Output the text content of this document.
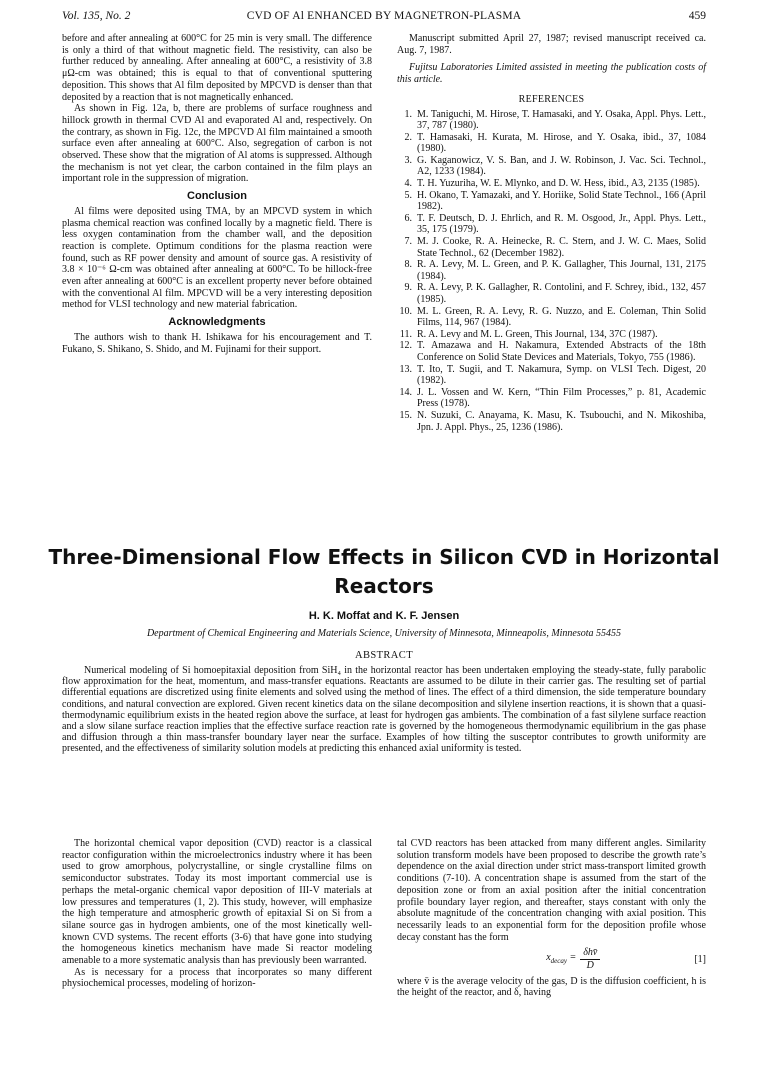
Vol. 135, No. 2	CVD OF Al ENHANCED BY MAGNETRON-PLASMA	459

before and after annealing at 600°C for 25 min is very small. The difference is only a third of that without magnetic field. The resistivity, can also be further reduced by annealing. After annealing at 600°C, a resistivity of 3.8 μΩ-cm was obtained; this is equal to that of conventional sputtering deposition. This shows that Al film deposited by MPCVD is denser than that deposited by a reaction that is not magnetically enhanced.

As shown in Fig. 12a, b, there are problems of surface roughness and hillock growth in thermal CVD Al and evaporated Al and, respectively. On the contrary, as shown in Fig. 12c, the MPCVD Al film maintained a smooth surface even after annealing at 600°C. Also, segregation of carbon is not observed. These show that the migration of Al atoms is suppressed. Although the mechanism is not yet clear, the carbon contained in the film plays an important role in the suppression of migration.

Conclusion

Al films were deposited using TMA, by an MPCVD system in which plasma chemical reaction was confined locally by a magnetic field. There is less oxygen contamination from the chamber wall, and the deposition reaction is complete. Optimum conditions for the plasma reaction were found, such as RF power density and amount of source gas. A resistivity of 3.8 × 10⁻⁶ Ω-cm was obtained after annealing at 600°C. To be hillock-free even after annealing at 600°C is an excellent property never before obtained with the conventional Al film. MPCVD will be a very interesting deposition method for VLSI technology and new material fabrication.

Acknowledgments

The authors wish to thank H. Ishikawa for his encouragement and T. Fukano, S. Shikano, S. Shido, and M. Fujinami for their support.

Manuscript submitted April 27, 1987; revised manuscript received ca. Aug. 7, 1987.

Fujitsu Laboratories Limited assisted in meeting the publication costs of this article.

REFERENCES
1. M. Taniguchi, M. Hirose, T. Hamasaki, and Y. Osaka, Appl. Phys. Lett., 37, 787 (1980).
2. T. Hamasaki, H. Kurata, M. Hirose, and Y. Osaka, ibid., 37, 1084 (1980).
3. G. Kaganowicz, V. S. Ban, and J. W. Robinson, J. Vac. Sci. Technol., A2, 1233 (1984).
4. T. H. Yuzuriha, W. E. Mlynko, and D. W. Hess, ibid., A3, 2135 (1985).
5. H. Okano, T. Yamazaki, and Y. Horiike, Solid State Technol., 166 (April 1982).
6. T. F. Deutsch, D. J. Ehrlich, and R. M. Osgood, Jr., Appl. Phys. Lett., 35, 175 (1979).
7. M. J. Cooke, R. A. Heinecke, R. C. Stern, and J. W. C. Maes, Solid State Technol., 62 (December 1982).
8. R. A. Levy, M. L. Green, and P. K. Gallagher, This Journal, 131, 2175 (1984).
9. R. A. Levy, P. K. Gallagher, R. Contolini, and F. Schrey, ibid., 132, 457 (1985).
10. M. L. Green, R. A. Levy, R. G. Nuzzo, and E. Coleman, Thin Solid Films, 114, 967 (1984).
11. R. A. Levy and M. L. Green, This Journal, 134, 37C (1987).
12. T. Amazawa and H. Nakamura, Extended Abstracts of the 18th Conference on Solid State Devices and Materials, Tokyo, 755 (1986).
13. T. Ito, T. Sugii, and T. Nakamura, Symp. on VLSI Tech. Digest, 20 (1982).
14. J. L. Vossen and W. Kern, “Thin Film Processes,” p. 81, Academic Press (1978).
15. N. Suzuki, C. Anayama, K. Masu, K. Tsubouchi, and N. Mikoshiba, Jpn. J. Appl. Phys., 25, 1236 (1986).
Three-Dimensional Flow Effects in Silicon CVD in Horizontal Reactors
H. K. Moffat and K. F. Jensen
Department of Chemical Engineering and Materials Science, University of Minnesota, Minneapolis, Minnesota 55455
ABSTRACT
Numerical modeling of Si homoepitaxial deposition from SiH₄ in the horizontal reactor has been undertaken employing the steady-state, fully parabolic flow approximation for the heat, momentum, and mass-transfer equations. Reactants are assumed to be dilute in their carrier gas. The resulting set of partial differential equations are discretized using finite elements and solved using the method of lines. The effect of a third dimension, the side temperature boundary conditions, and natural convection are explored. Given recent kinetics data on the silane decomposition and silylene insertion reactions, it is shown that a quasi-thermodynamic equilibrium exists in the heated region above the surface, at least for hydrogen gas ambients. The combination of a fast silylene surface reaction and a slow silane surface reaction implies that the effective surface reaction rate is governed by the homogeneous thermodynamic equilibrium in the gas phase and diffusion through a thin mass-transfer boundary layer near the surface. Examples of how tilting the susceptor contributes to growth uniformity are presented, and the effectiveness of similarity solution models at predicting this enhanced axial uniformity is tested.

The horizontal chemical vapor deposition (CVD) reactor is a classical reactor configuration within the microelectronics industry where it has been used to grow amorphous, polycrystalline, or single crystalline films on semiconductor substrates. Today its most important commercial use is perhaps the metal-organic chemical vapor deposition of III-V materials at low pressures and temperatures (1, 2). This study, however, will emphasize the high temperature and atmospheric growth of epitaxial Si on Si from a silane source gas in hydrogen ambients, one of the most kinetically well-known CVD systems. The recent efforts (3-6) that have gone into studying the homogeneous kinetics mechanism have made Si reactor modeling amenable to a more systematic analysis than has previously been warranted.

As is necessary for a process that incorporates so many different physiochemical processes, modeling of horizon-

tal CVD reactors has been attacked from many different angles. Similarity solution transform models have been proposed to describe the growth rate’s dependence on the axial direction under strict mass-transport limited growth conditions (7-10). A concentration shape is assumed from the start of the deposition zone or from an axial position after the initial concentration profile boundary layer region, and thereafter, stays constant with only the absolute magnitude of the concentration changing with axial position. This necessarily leads to an exponential form for the deposition profile whose decay constant has the form

$x_{decay} = \frac{\text{δhv̄}}{D}$	[1]

where v̄ is the average velocity of the gas, D is the diffusion coefficient, h is the height of the reactor, and δ, having
